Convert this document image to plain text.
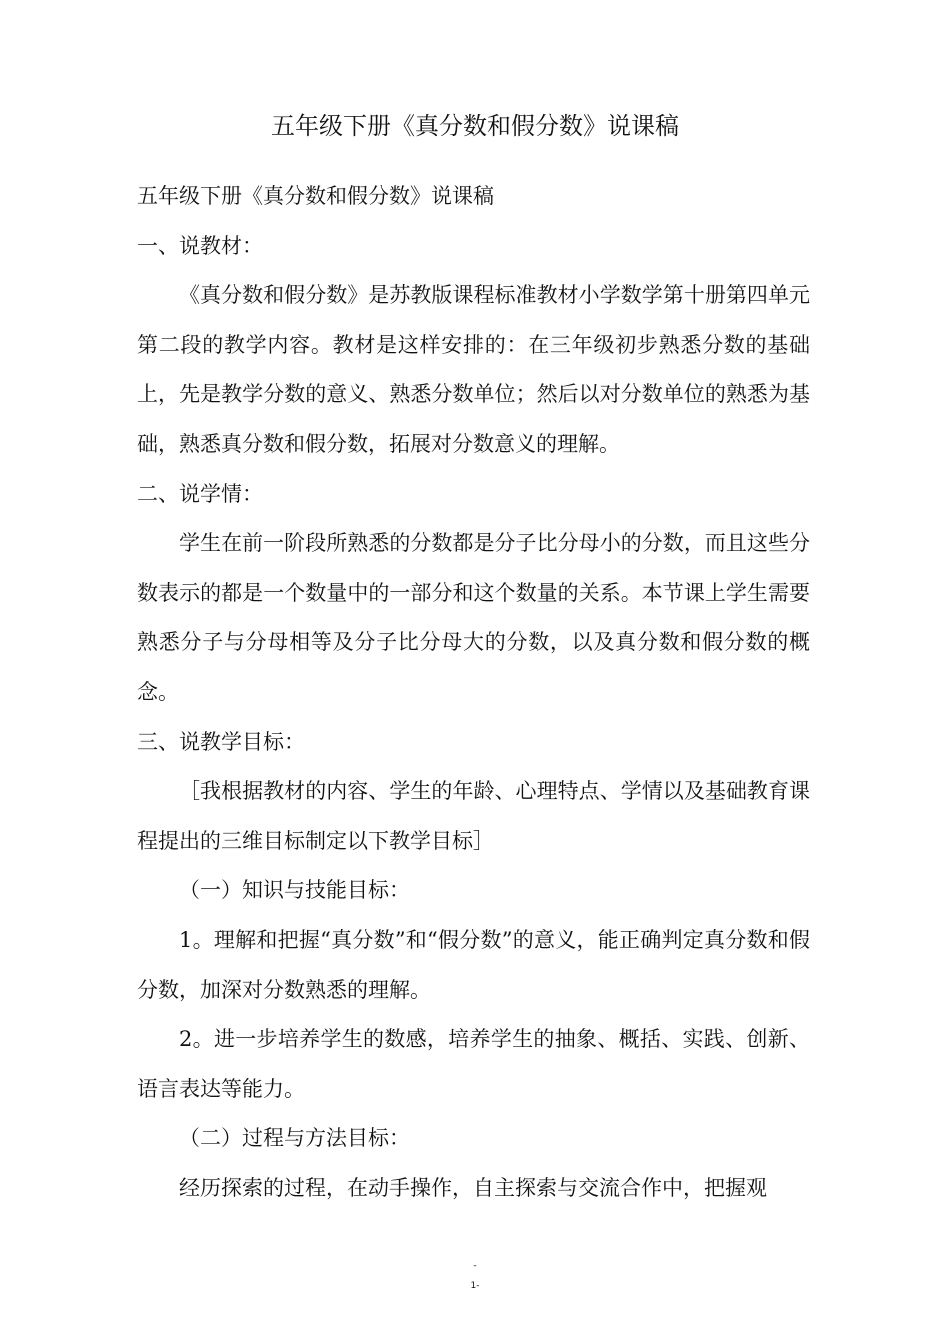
五年级下册《真分数和假分数》说课稿

五年级下册《真分数和假分数》说课稿

一、说教材：

《真分数和假分数》是苏教版课程标准教材小学数学第十册第四单元第二段的教学内容。教材是这样安排的：在三年级初步熟悉分数的基础上，先是教学分数的意义、熟悉分数单位；然后以对分数单位的熟悉为基础，熟悉真分数和假分数，拓展对分数意义的理解。

二、说学情：

学生在前一阶段所熟悉的分数都是分子比分母小的分数，而且这些分数表示的都是一个数量中的一部分和这个数量的关系。本节课上学生需要熟悉分子与分母相等及分子比分母大的分数，以及真分数和假分数的概念。

三、说教学目标：

［我根据教材的内容、学生的年龄、心理特点、学情以及基础教育课程提出的三维目标制定以下教学目标］

（一）知识与技能目标：

1。理解和把握“真分数”和“假分数”的意义，能正确判定真分数和假分数，加深对分数熟悉的理解。

2。进一步培养学生的数感，培养学生的抽象、概括、实践、创新、语言表达等能力。

（二）过程与方法目标：

经历探索的过程，在动手操作，自主探索与交流合作中，把握观

-
1-
